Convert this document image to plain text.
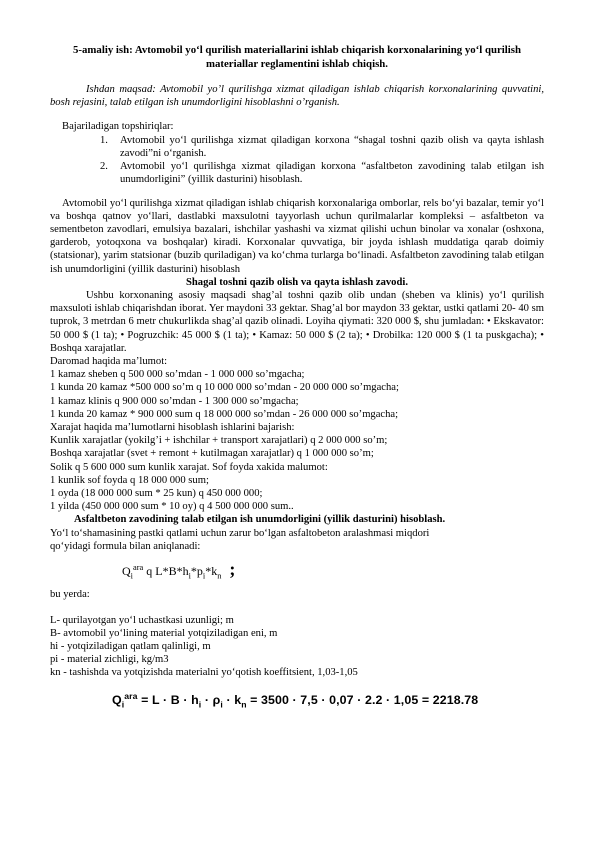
5-amaliy ish: Avtomobil yo‘l qurilish materiallarini ishlab chiqarish korxonalarining yo‘l qurilish materiallar reglamentini ishlab chiqish.

Ishdan maqsad: Avtomobil yo’l qurilishga xizmat qiladigan ishlab chiqarish korxonalarining quvvatini, bosh rejasini, talab etilgan ish unumdorligini hisoblashni o’rganish.

Bajariladigan topshiriqlar:

1. Avtomobil yo‘l qurilishga xizmat qiladigan korxona “shagal toshni qazib olish va qayta ishlash zavodi”ni o‘rganish.
2. Avtomobil yo‘l qurilishga xizmat qiladigan korxona “asfaltbeton zavodining talab etilgan ish unumdorligini” (yillik dasturini) hisoblash.

Avtomobil yo‘l qurilishga xizmat qiladigan ishlab chiqarish korxonalariga omborlar, rels bo‘yi bazalar, temir yo‘l va boshqa qatnov yo‘llari, dastlabki maxsulotni tayyorlash uchun qurilmalarlar kompleksi – asfaltbeton va sementbeton zavodlari, emulsiya bazalari, ishchilar yashashi va xizmat qilishi uchun binolar va xonalar (oshxona, garderob, yotoqxona va boshqalar) kiradi. Korxonalar quvvatiga, bir joyda ishlash muddatiga qarab doimiy (statsionar), yarim statsionar (buzib quriladigan) va ko‘chma turlarga bo‘linadi. Asfaltbeton zavodining talab etilgan ish unumdorligini (yillik dasturini) hisoblash

Shagal toshni qazib olish va qayta ishlash zavodi.

Ushbu korxonaning asosiy maqsadi shag’al toshni qazib olib undan (sheben va klinis) yo‘l qurilish maxsuloti ishlab chiqarishdan iborat. Yer maydoni 33 gektar. Shag’al bor maydon 33 gektar, ustki qatlami 20- 40 sm tuprok, 3 metrdan 6 metr chukurlikda shag’al qazib olinadi. Loyiha qiymati: 320 000 $, shu jumladan: • Ekskavator: 50 000 $ (1 ta); • Pogruzchik: 45 000 $ (1 ta); • Kamaz: 50 000 $ (2 ta); • Drobilka: 120 000 $ (1 ta puskgacha); • Boshqa xarajatlar.

Daromad haqida ma’lumot:

1 kamaz sheben q 500 000 so’mdan - 1 000 000 so’mgacha;

1 kunda 20 kamaz *500 000 so’m q 10 000 000 so’mdan - 20 000 000 so’mgacha;

1 kamaz klinis q 900 000 so’mdan - 1 300 000 so’mgacha;

1 kunda 20 kamaz * 900 000 sum q 18 000 000 so’mdan - 26 000 000 so’mgacha;

Xarajat haqida ma’lumotlarni hisoblash ishlarini bajarish:

Kunlik xarajatlar (yokilg’i + ishchilar + transport xarajatlari) q 2 000 000 so’m;

Boshqa xarajatlar (svet + remont + kutilmagan xarajatlar) q 1 000 000 so’m;

Solik q 5 600 000 sum kunlik xarajat. Sof foyda xakida malumot:

1 kunlik sof foyda q 18 000 000 sum;

1 oyda (18 000 000 sum * 25 kun) q 450 000 000;

1 yilda (450 000 000 sum * 10 oy) q 4 500 000 000 sum..

Asfaltbeton zavodining talab etilgan ish unumdorligini (yillik dasturini) hisoblash.

Yo‘l to‘shamasining pastki qatlami uchun zarur bo‘lgan asfaltobeton aralashmasi miqdori

qo‘yidagi formula bilan aniqlanadi:

$Q_i^{ara}$ q $L*B*h_i*p_i*k_n$ ;

bu yerda:

L- qurilayotgan yo‘l uchastkasi uzunligi; m

B- avtomobil yo‘lining material yotqiziladigan eni, m

hi - yotqiziladigan qatlam qalinligi, m

pi - material zichligi, kg/m3

kn - tashishda va yotqizishda materialni yo‘qotish koeffitsient, 1,03-1,05

$Q_i^{ara} = L \cdot B \cdot h_i \cdot \rho_i \cdot k_n = 3500 \cdot 7,5 \cdot 0,07 \cdot 2.2 \cdot 1,05 = 2218.78$
